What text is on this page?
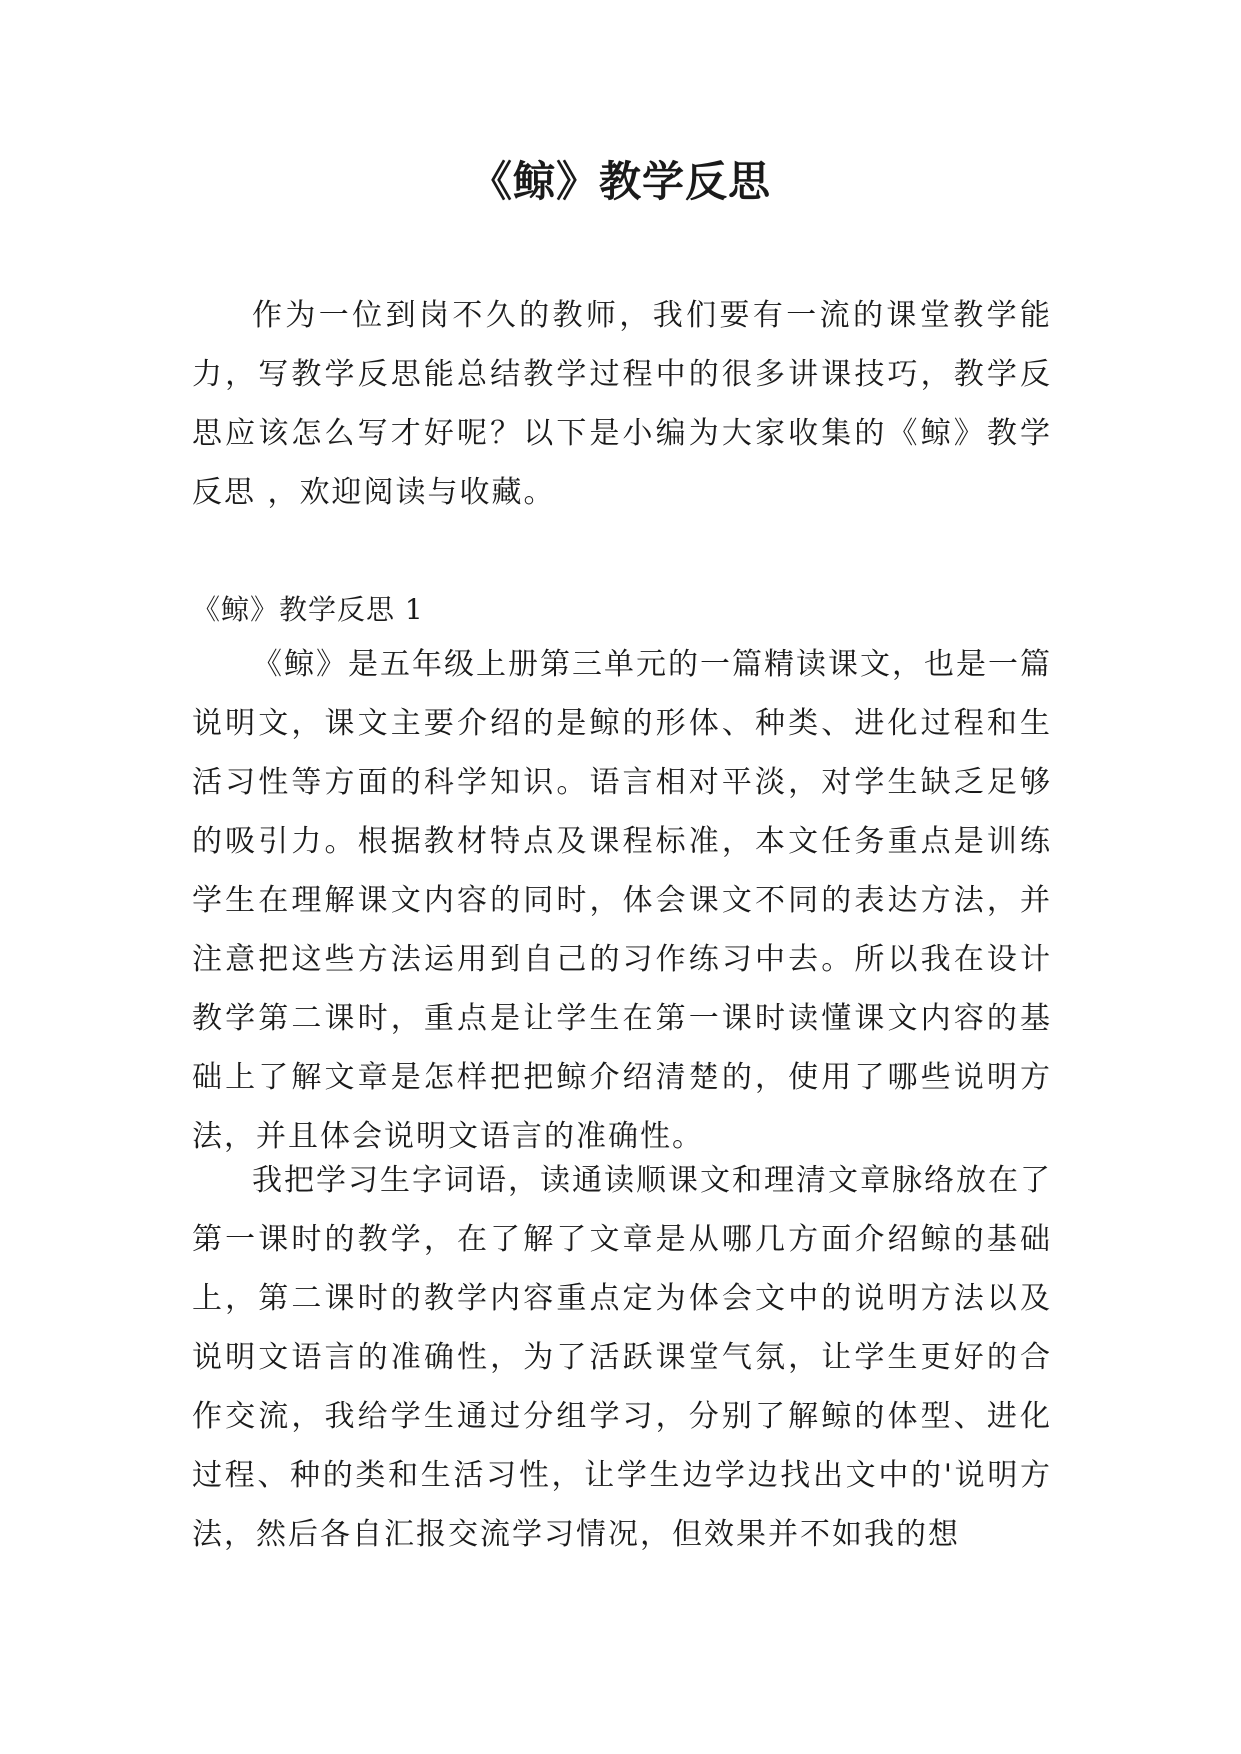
《鲸》教学反思

作为一位到岗不久的教师，我们要有一流的课堂教学能力，写教学反思能总结教学过程中的很多讲课技巧，教学反思应该怎么写才好呢？以下是小编为大家收集的《鲸》教学反思 ，欢迎阅读与收藏。

《鲸》教学反思 1

《鲸》是五年级上册第三单元的一篇精读课文，也是一篇说明文，课文主要介绍的是鲸的形体、种类、进化过程和生活习性等方面的科学知识。语言相对平淡，对学生缺乏足够的吸引力。根据教材特点及课程标准，本文任务重点是训练学生在理解课文内容的同时，体会课文不同的表达方法，并注意把这些方法运用到自己的习作练习中去。所以我在设计教学第二课时，重点是让学生在第一课时读懂课文内容的基础上了解文章是怎样把把鲸介绍清楚的，使用了哪些说明方法，并且体会说明文语言的准确性。

我把学习生字词语，读通读顺课文和理清文章脉络放在了第一课时的教学，在了解了文章是从哪几方面介绍鲸的基础上，第二课时的教学内容重点定为体会文中的说明方法以及说明文语言的准确性，为了活跃课堂气氛，让学生更好的合作交流，我给学生通过分组学习，分别了解鲸的体型、进化过程、种的类和生活习性，让学生边学边找出文中的'说明方法，然后各自汇报交流学习情况，但效果并不如我的想
